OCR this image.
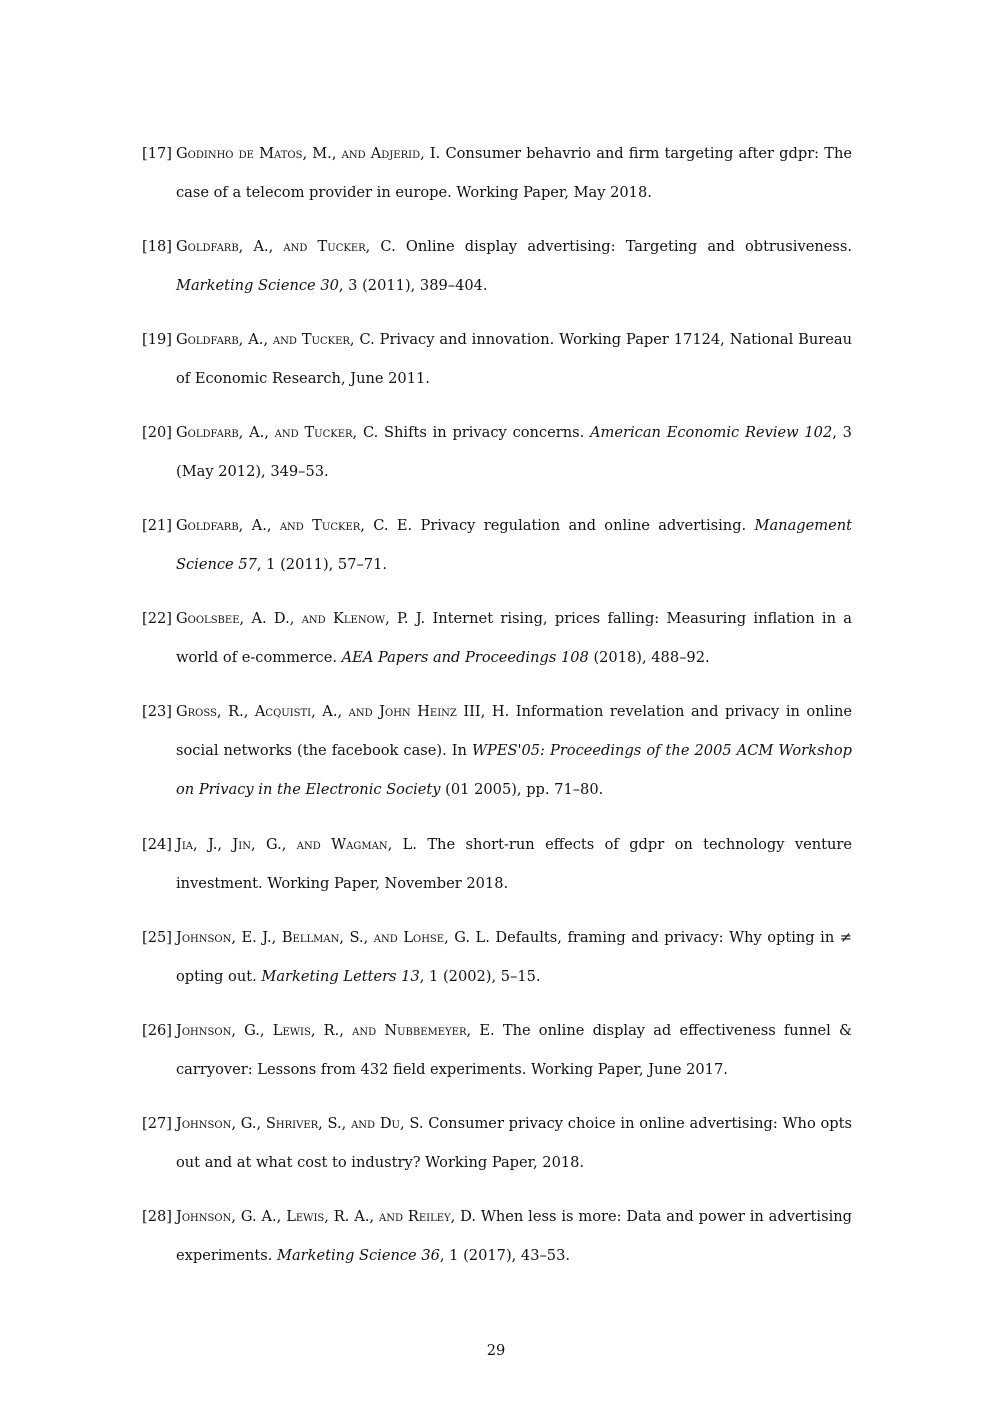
[17] Godinho de Matos, M., and Adjerid, I. Consumer behavrio and firm targeting after gdpr: The case of a telecom provider in europe. Working Paper, May 2018.
[18] Goldfarb, A., and Tucker, C. Online display advertising: Targeting and obtrusiveness. Marketing Science 30, 3 (2011), 389–404.
[19] Goldfarb, A., and Tucker, C. Privacy and innovation. Working Paper 17124, National Bureau of Economic Research, June 2011.
[20] Goldfarb, A., and Tucker, C. Shifts in privacy concerns. American Economic Review 102, 3 (May 2012), 349–53.
[21] Goldfarb, A., and Tucker, C. E. Privacy regulation and online advertising. Management Science 57, 1 (2011), 57–71.
[22] Goolsbee, A. D., and Klenow, P. J. Internet rising, prices falling: Measuring inflation in a world of e-commerce. AEA Papers and Proceedings 108 (2018), 488–92.
[23] Gross, R., Acquisti, A., and John Heinz III, H. Information revelation and privacy in online social networks (the facebook case). In WPES'05: Proceedings of the 2005 ACM Workshop on Privacy in the Electronic Society (01 2005), pp. 71–80.
[24] Jia, J., Jin, G., and Wagman, L. The short-run effects of gdpr on technology venture investment. Working Paper, November 2018.
[25] Johnson, E. J., Bellman, S., and Lohse, G. L. Defaults, framing and privacy: Why opting in ≠ opting out. Marketing Letters 13, 1 (2002), 5–15.
[26] Johnson, G., Lewis, R., and Nubbemeyer, E. The online display ad effectiveness funnel & carryover: Lessons from 432 field experiments. Working Paper, June 2017.
[27] Johnson, G., Shriver, S., and Du, S. Consumer privacy choice in online advertising: Who opts out and at what cost to industry? Working Paper, 2018.
[28] Johnson, G. A., Lewis, R. A., and Reiley, D. When less is more: Data and power in advertising experiments. Marketing Science 36, 1 (2017), 43–53.
29
